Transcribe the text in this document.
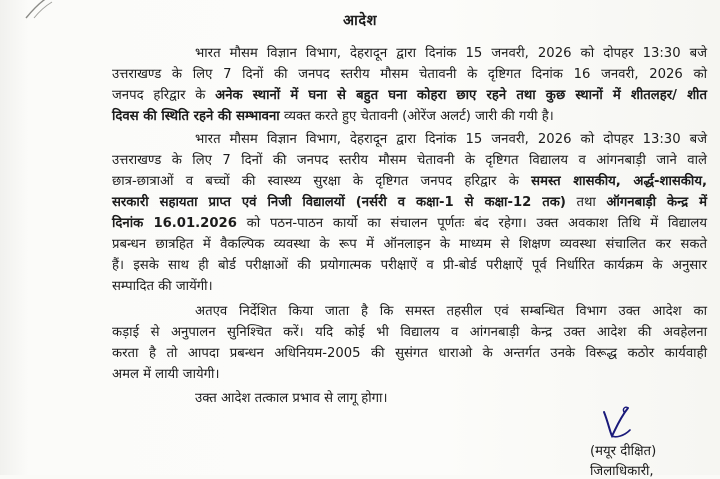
आदेश
भारत मौसम विज्ञान विभाग, देहरादून द्वारा दिनांक 15 जनवरी, 2026 को दोपहर 13:30 बजे
उत्तराखण्ड के लिए 7 दिनों की जनपद स्तरीय मौसम चेतावनी के दृष्टिगत दिनांक 16 जनवरी, 2026 को
जनपद हरिद्वार के अनेक स्थानों में घना से बहुत घना कोहरा छाए रहने तथा कुछ स्थानों में शीतलहर/ शीत
दिवस की स्थिति रहने की सम्भावना व्यक्त करते हुए चेतावनी (ओरेंज अलर्ट) जारी की गयी है।
भारत मौसम विज्ञान विभाग, देहरादून द्वारा दिनांक 15 जनवरी, 2026 को दोपहर 13:30 बजे
उत्तराखण्ड के लिए 7 दिनों की जनपद स्तरीय मौसम चेतावनी के दृष्टिगत विद्यालय व आंगनबाड़ी जाने वाले
छात्र-छात्राओं व बच्चों की स्वास्थ्य सुरक्षा के दृष्टिगत जनपद हरिद्वार के समस्त शासकीय, अर्द्ध-शासकीय,
सरकारी सहायता प्राप्त एवं निजी विद्यालयों (नर्सरी व कक्षा-1 से कक्षा-12 तक) तथा ऑगनबाड़ी केन्द्र में
दिनांक 16.01.2026 को पठन-पाठन कार्यो का संचालन पूर्णतः बंद रहेगा। उक्त अवकाश तिथि में विद्यालय
प्रबन्धन छात्रहित में वैकल्पिक व्यवस्था के रूप में ऑनलाइन के माध्यम से शिक्षण व्यवस्था संचालित कर सकते
हैं। इसके साथ ही बोर्ड परीक्षाओं की प्रयोगात्मक परीक्षाऐं व प्री-बोर्ड परीक्षाऐं पूर्व निर्धारित कार्यक्रम के अनुसार
सम्पादित की जायेंगी।
अतएव निर्देशित किया जाता है कि समस्त तहसील एवं सम्बन्धित विभाग उक्त आदेश का
कड़ाई से अनुपालन सुनिश्चित करें। यदि कोई भी विद्यालय व आंगनबाड़ी केन्द्र उक्त आदेश की अवहेलना
करता है तो आपदा प्रबन्धन अधिनियम-2005 की सुसंगत धाराओ के अन्तर्गत उनके विरूद्ध कठोर कार्यवाही
अमल में लायी जायेगी।
उक्त आदेश तत्काल प्रभाव से लागू होगा।
(मयूर दीक्षित)
जिलाधिकारी,
